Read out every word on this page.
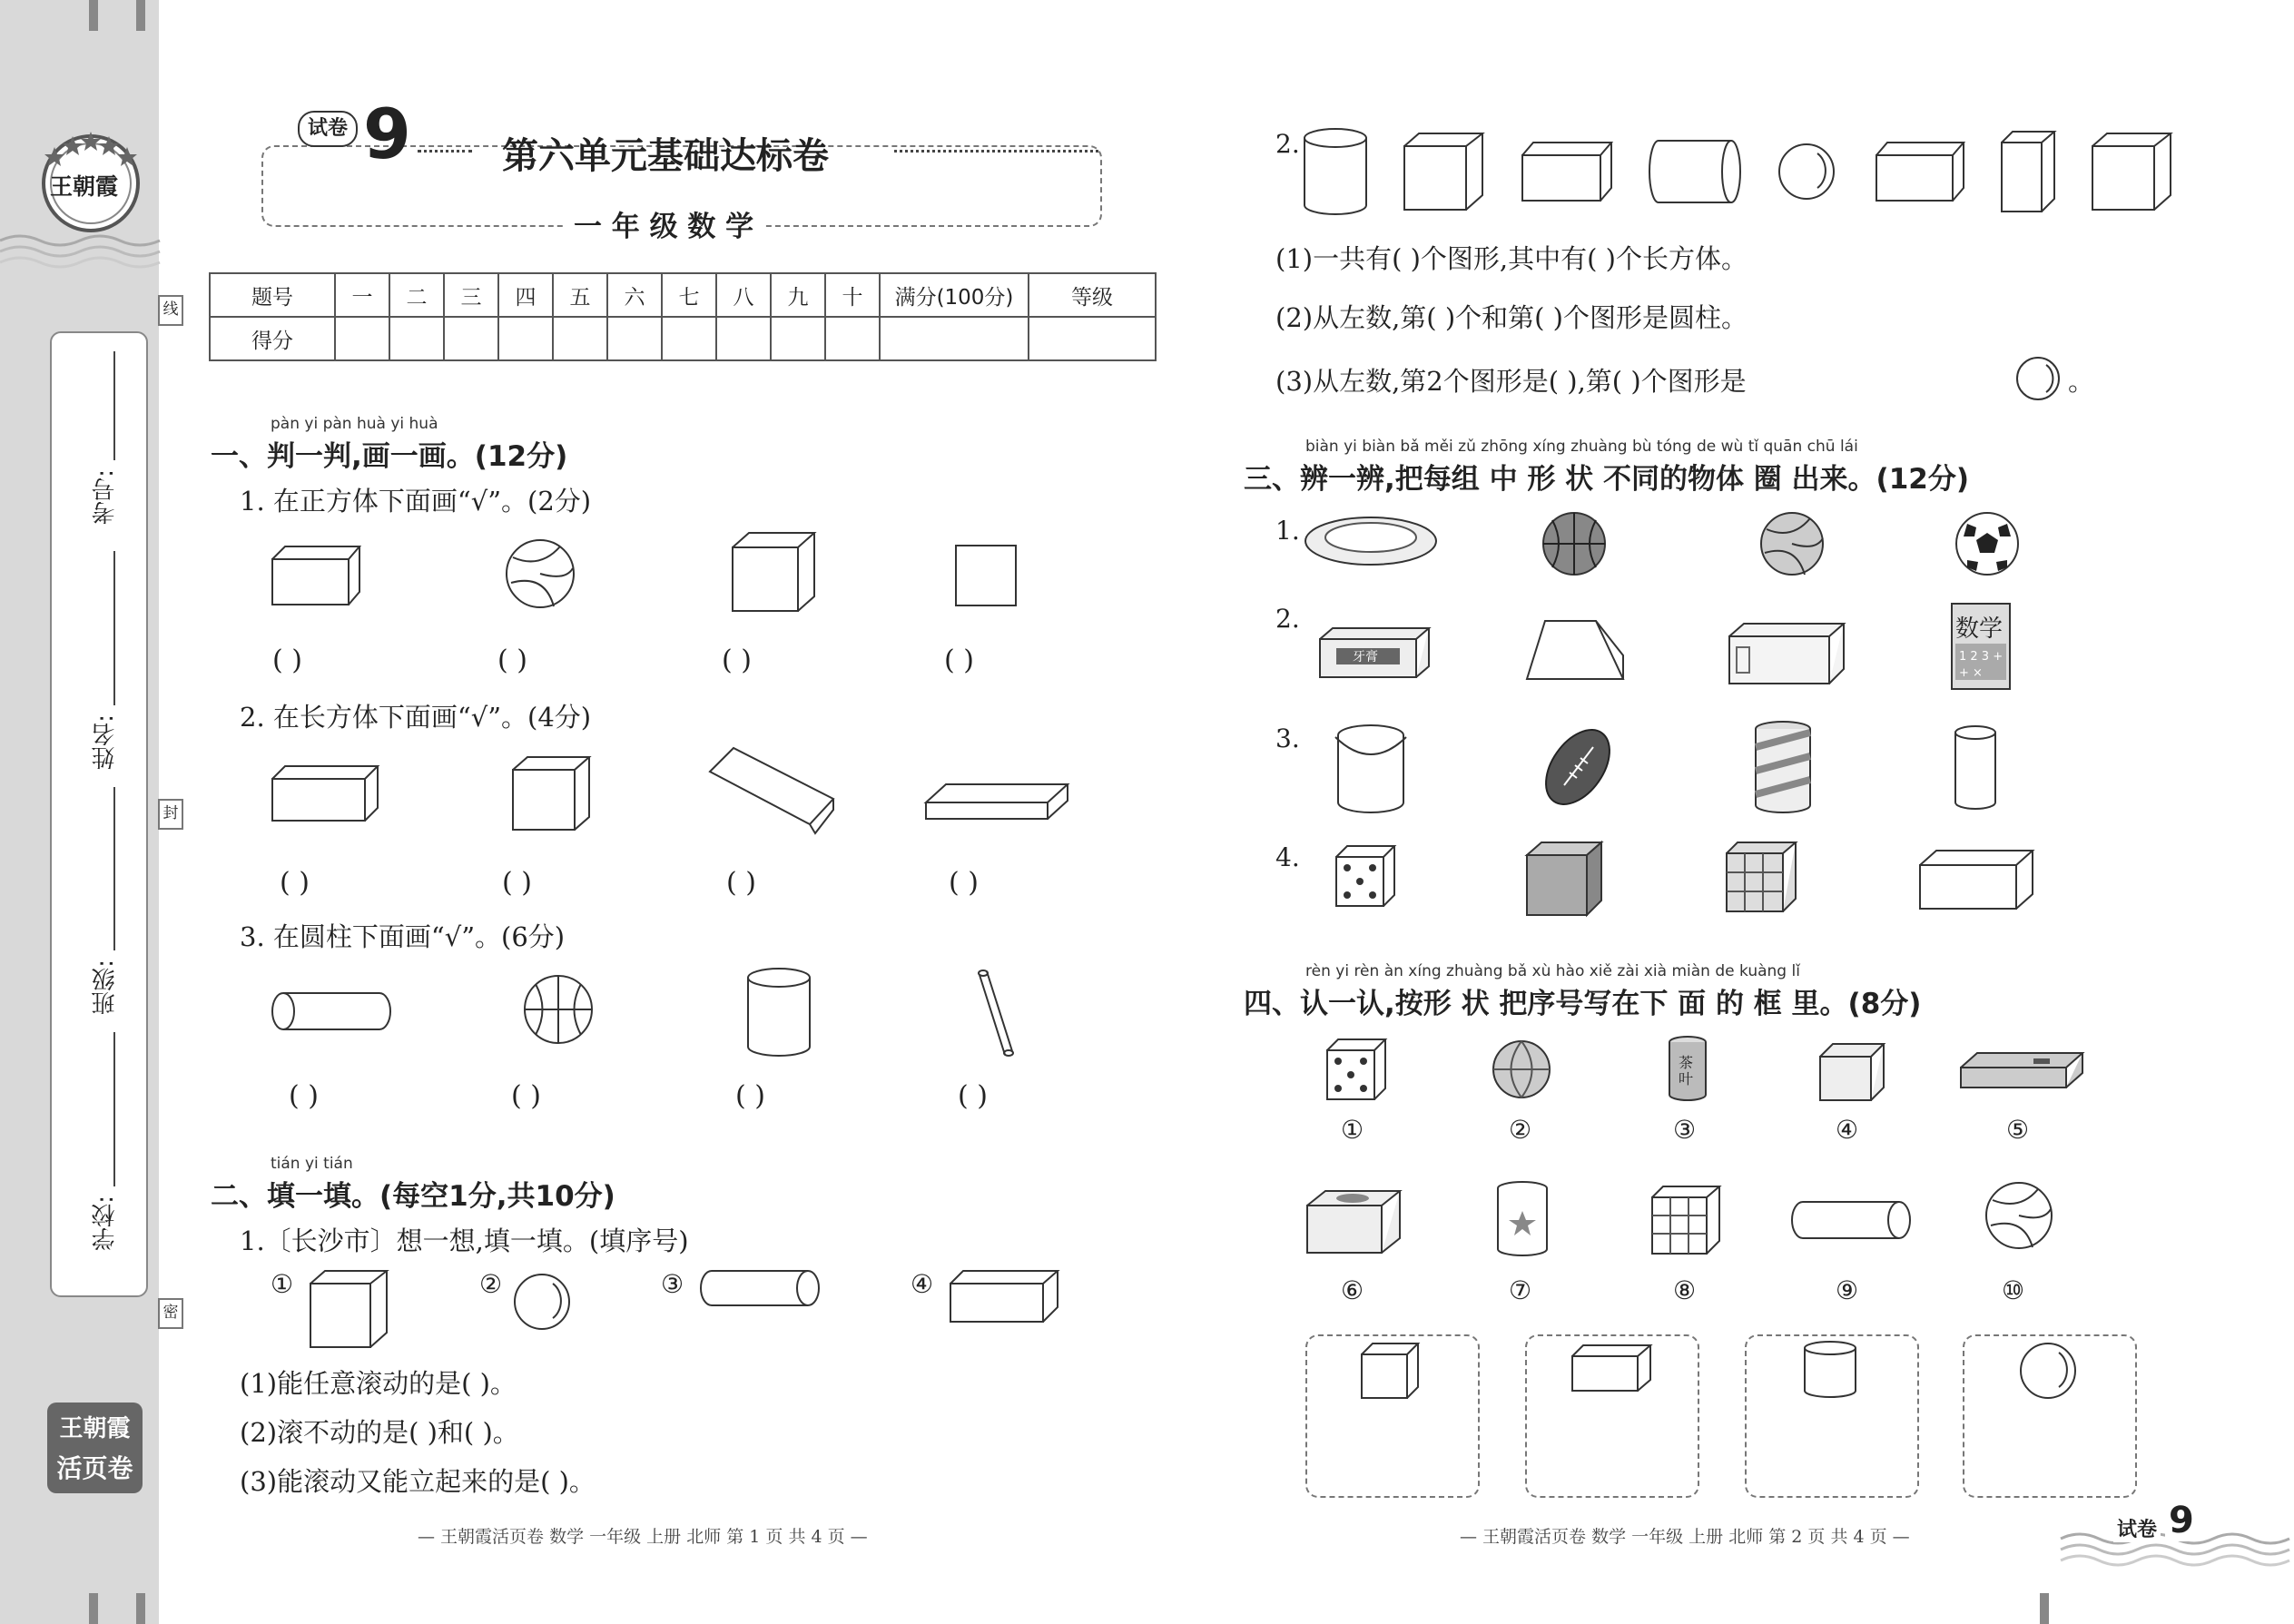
王朝霞
考号:
姓名:
班级:
学校:
线
封
密
王朝霞
活页卷
试卷 9	第六单元基础达标卷
一 年 级 数 学
题号	一	二	三	四	五	六	七	八	九	十	满分(100分)	等级
得分												
pàn yi pàn huà yi huà
一、判一判,画一画。(12分)
1. 在正方体下面画“√”。(2分)
( )	( )	( )	( )
2. 在长方体下面画“√”。(4分)
( )	( )	( )	( )
3. 在圆柱下面画“√”。(6分)
( )	( )	( )	( )
tián yi tián
二、填一填。(每空1分,共10分)
1.〔长沙市〕想一想,填一填。(填序号)
①	②	③	④
(1)能任意滚动的是( )。
(2)滚不动的是( )和( )。
(3)能滚动又能立起来的是( )。
— 王朝霞活页卷 数学 一年级 上册 北师 第 1 页 共 4 页 —
2.
(1)一共有( )个图形,其中有( )个长方体。
(2)从左数,第( )个和第( )个图形是圆柱。
(3)从左数,第2个图形是( ),第( )个图形是	。
biàn yi biàn bǎ měi zǔ zhōng xíng zhuàng bù tóng de wù tǐ quān chū lái
三、辨一辨,把每组 中 形 状 不同的物体 圈 出来。(12分)
1.
2.
牙膏
数学
1 2 3 + + ×
3.
4.
rèn yi rèn àn xíng zhuàng bǎ xù hào xiě zài xià miàn de kuàng lǐ
四、认一认,按形 状 把序号写在下 面 的 框 里。(8分)
茶叶
①	②	③	④	⑤
⑥	⑦	⑧	⑨	⑩
— 王朝霞活页卷 数学 一年级 上册 北师 第 2 页 共 4 页 —	试卷 9
